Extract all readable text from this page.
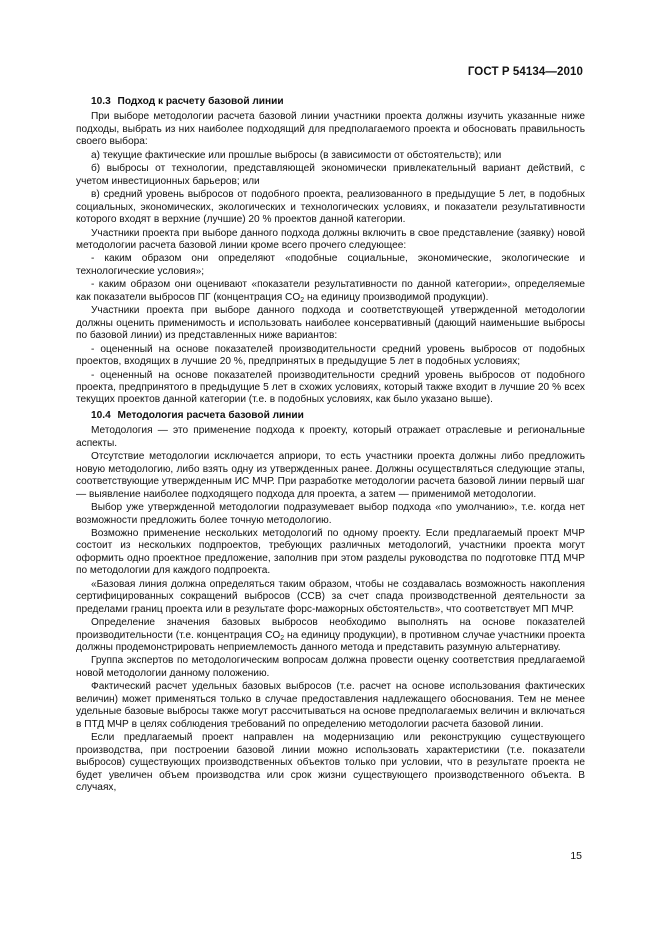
ГОСТ Р 54134—2010
10.3 Подход к расчету базовой линии

При выборе методологии расчета базовой линии участники проекта должны изучить указанные ниже подходы, выбрать из них наиболее подходящий для предполагаемого проекта и обосновать правильность своего выбора:

а) текущие фактические или прошлые выбросы (в зависимости от обстоятельств); или

б) выбросы от технологии, представляющей экономически привлекательный вариант действий, с учетом инвестиционных барьеров; или

в) средний уровень выбросов от подобного проекта, реализованного в предыдущие 5 лет, в подобных социальных, экономических, экологических и технологических условиях, и показатели результативности которого входят в верхние (лучшие) 20 % проектов данной категории.

Участники проекта при выборе данного подхода должны включить в свое представление (заявку) новой методологии расчета базовой линии кроме всего прочего следующее:

- каким образом они определяют «подобные социальные, экономические, экологические и технологические условия»;

- каким образом они оценивают «показатели результативности по данной категории», определяемые как показатели выбросов ПГ (концентрация $CO_2$ на единицу производимой продукции).

Участники проекта при выборе данного подхода и соответствующей утвержденной методологии должны оценить применимость и использовать наиболее консервативный (дающий наименьшие выбросы по базовой линии) из представленных ниже вариантов:

- оцененный на основе показателей производительности средний уровень выбросов от подобных проектов, входящих в лучшие 20 %, предпринятых в предыдущие 5 лет в подобных условиях;

- оцененный на основе показателей производительности средний уровень выбросов от подобного проекта, предпринятого в предыдущие 5 лет в схожих условиях, который также входит в лучшие 20 % всех текущих проектов данной категории (т.е. в подобных условиях, как было указано выше).

10.4 Методология расчета базовой линии

Методология — это применение подхода к проекту, который отражает отраслевые и региональные аспекты.

Отсутствие методологии исключается априори, то есть участники проекта должны либо предложить новую методологию, либо взять одну из утвержденных ранее. Должны осуществляться следующие этапы, соответствующие утвержденным ИС МЧР. При разработке методологии расчета базовой линии первый шаг — выявление наиболее подходящего подхода для проекта, а затем — применимой методологии.

Выбор уже утвержденной методологии подразумевает выбор подхода «по умолчанию», т.е. когда нет возможности предложить более точную методологию.

Возможно применение нескольких методологий по одному проекту. Если предлагаемый проект МЧР состоит из нескольких подпроектов, требующих различных методологий, участники проекта могут оформить одно проектное предложение, заполнив при этом разделы руководства по подготовке ПТД МЧР по методологии для каждого подпроекта.

«Базовая линия должна определяться таким образом, чтобы не создавалась возможность накопления сертифицированных сокращений выбросов (ССВ) за счет спада производственной деятельности за пределами границ проекта или в результате форс-мажорных обстоятельств», что соответствует МП МЧР.

Определение значения базовых выбросов необходимо выполнять на основе показателей производительности (т.е. концентрация $CO_2$ на единицу продукции), в противном случае участники проекта должны продемонстрировать неприемлемость данного метода и представить разумную альтернативу.

Группа экспертов по методологическим вопросам должна провести оценку соответствия предлагаемой новой методологии данному положению.

Фактический расчет удельных базовых выбросов (т.е. расчет на основе использования фактических величин) может применяться только в случае предоставления надлежащего обоснования. Тем не менее удельные базовые выбросы также могут рассчитываться на основе предполагаемых величин и включаться в ПТД МЧР в целях соблюдения требований по определению методологии расчета базовой линии.

Если предлагаемый проект направлен на модернизацию или реконструкцию существующего производства, при построении базовой линии можно использовать характеристики (т.е. показатели выбросов) существующих производственных объектов только при условии, что в результате проекта не будет увеличен объем производства или срок жизни существующего производственного объекта. В случаях,

15
